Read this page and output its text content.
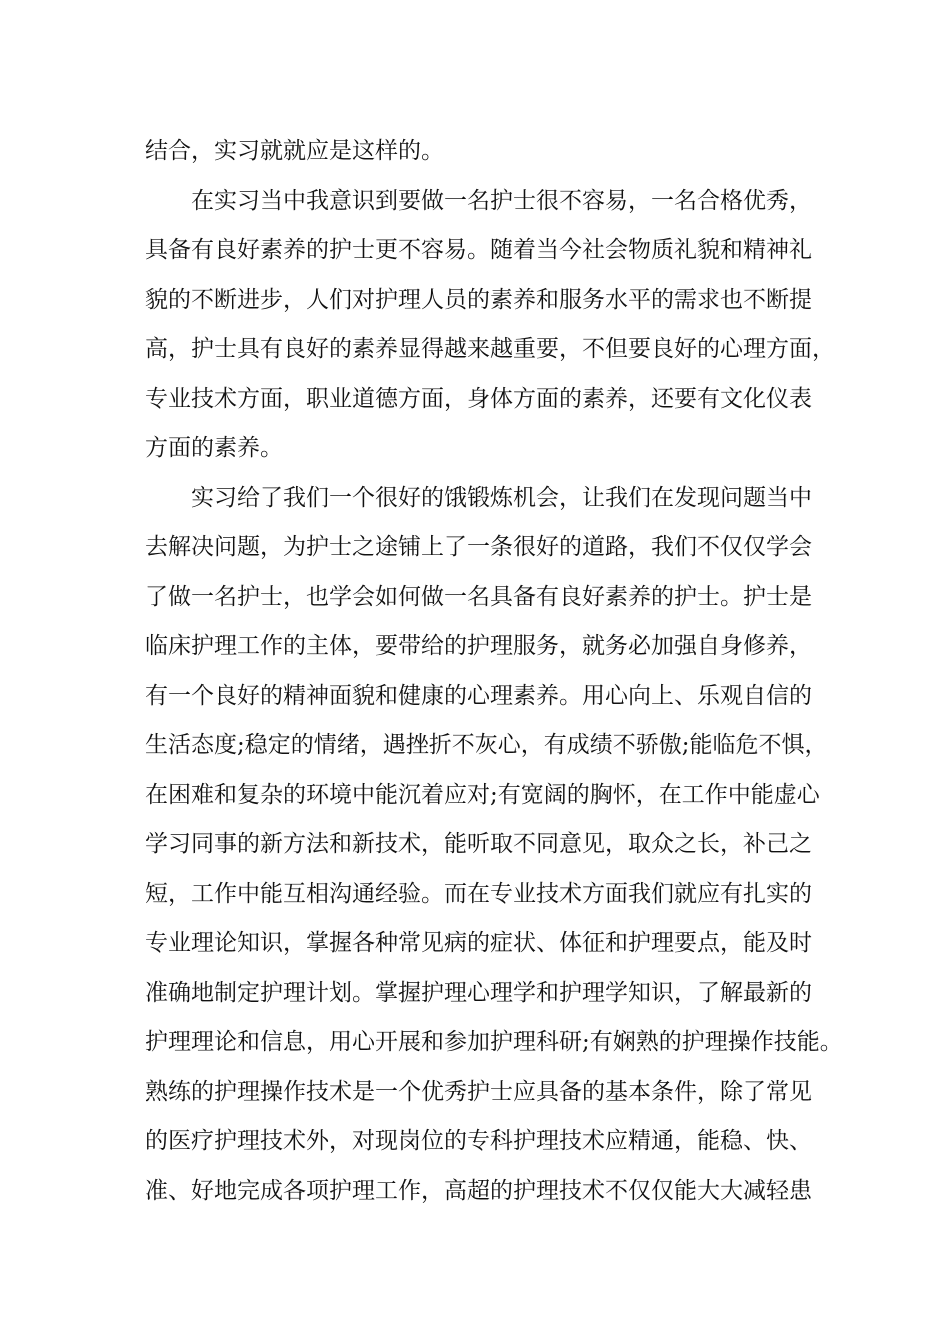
结合，实习就就应是这样的。
在实习当中我意识到要做一名护士很不容易，一名合格优秀，
具备有良好素养的护士更不容易。随着当今社会物质礼貌和精神礼
貌的不断进步，人们对护理人员的素养和服务水平的需求也不断提
高，护士具有良好的素养显得越来越重要，不但要良好的心理方面，
专业技术方面，职业道德方面，身体方面的素养，还要有文化仪表
方面的素养。
实习给了我们一个很好的饿锻炼机会，让我们在发现问题当中
去解决问题，为护士之途铺上了一条很好的道路，我们不仅仅学会
了做一名护士，也学会如何做一名具备有良好素养的护士。护士是
临床护理工作的主体，要带给的护理服务，就务必加强自身修养，
有一个良好的精神面貌和健康的心理素养。用心向上、乐观自信的
生活态度;稳定的情绪，遇挫折不灰心，有成绩不骄傲;能临危不惧，
在困难和复杂的环境中能沉着应对;有宽阔的胸怀，在工作中能虚心
学习同事的新方法和新技术，能听取不同意见，取众之长，补己之
短，工作中能互相沟通经验。而在专业技术方面我们就应有扎实的
专业理论知识，掌握各种常见病的症状、体征和护理要点，能及时
准确地制定护理计划。掌握护理心理学和护理学知识，了解最新的
护理理论和信息，用心开展和参加护理科研;有娴熟的护理操作技能。
熟练的护理操作技术是一个优秀护士应具备的基本条件，除了常见
的医疗护理技术外，对现岗位的专科护理技术应精通，能稳、快、
准、好地完成各项护理工作，高超的护理技术不仅仅能大大减轻患
